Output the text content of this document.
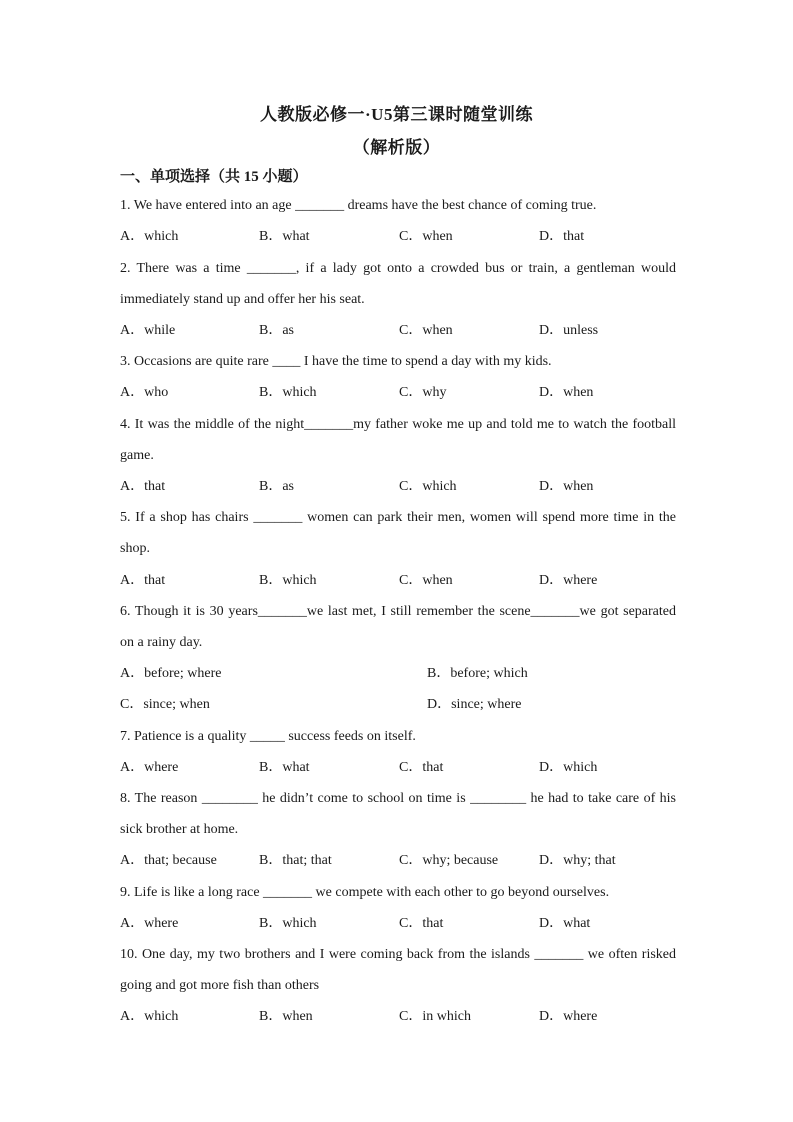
人教版必修一·U5第三课时随堂训练
（解析版）
一、单项选择（共 15 小题）
1. We have entered into an age _______ dreams have the best chance of coming true.
A．which	B．what	C．when	D．that
2. There was a time _______, if a lady got onto a crowded bus or train, a gentleman would
immediately stand up and offer her his seat.
A．while	B．as	C．when	D．unless
3. Occasions are quite rare ____ I have the time to spend a day with my kids.
A．who	B．which	C．why	D．when
4. It was the middle of the night_______my father woke me up and told me to watch the football
game.
A．that	B．as	C．which	D．when
5. If a shop has chairs _______ women can park their men, women will spend more time in the
shop.
A．that	B．which	C．when	D．where
6. Though it is 30 years_______we last met, I still remember the scene_______we got separated
on a rainy day.
A．before; where	B．before; which
C．since; when	D．since; where
7. Patience is a quality _____ success feeds on itself.
A．where	B．what	C．that	D．which
8. The reason ________ he didn’t come to school on time is ________ he had to take care of his
sick brother at home.
A．that; because	B．that; that	C．why; because	D．why; that
9. Life is like a long race _______ we compete with each other to go beyond ourselves.
A．where	B．which	C．that	D．what
10. One day, my two brothers and I were coming back from the islands _______ we often risked
going and got more fish than others
A．which	B．when	C．in which	D．where
